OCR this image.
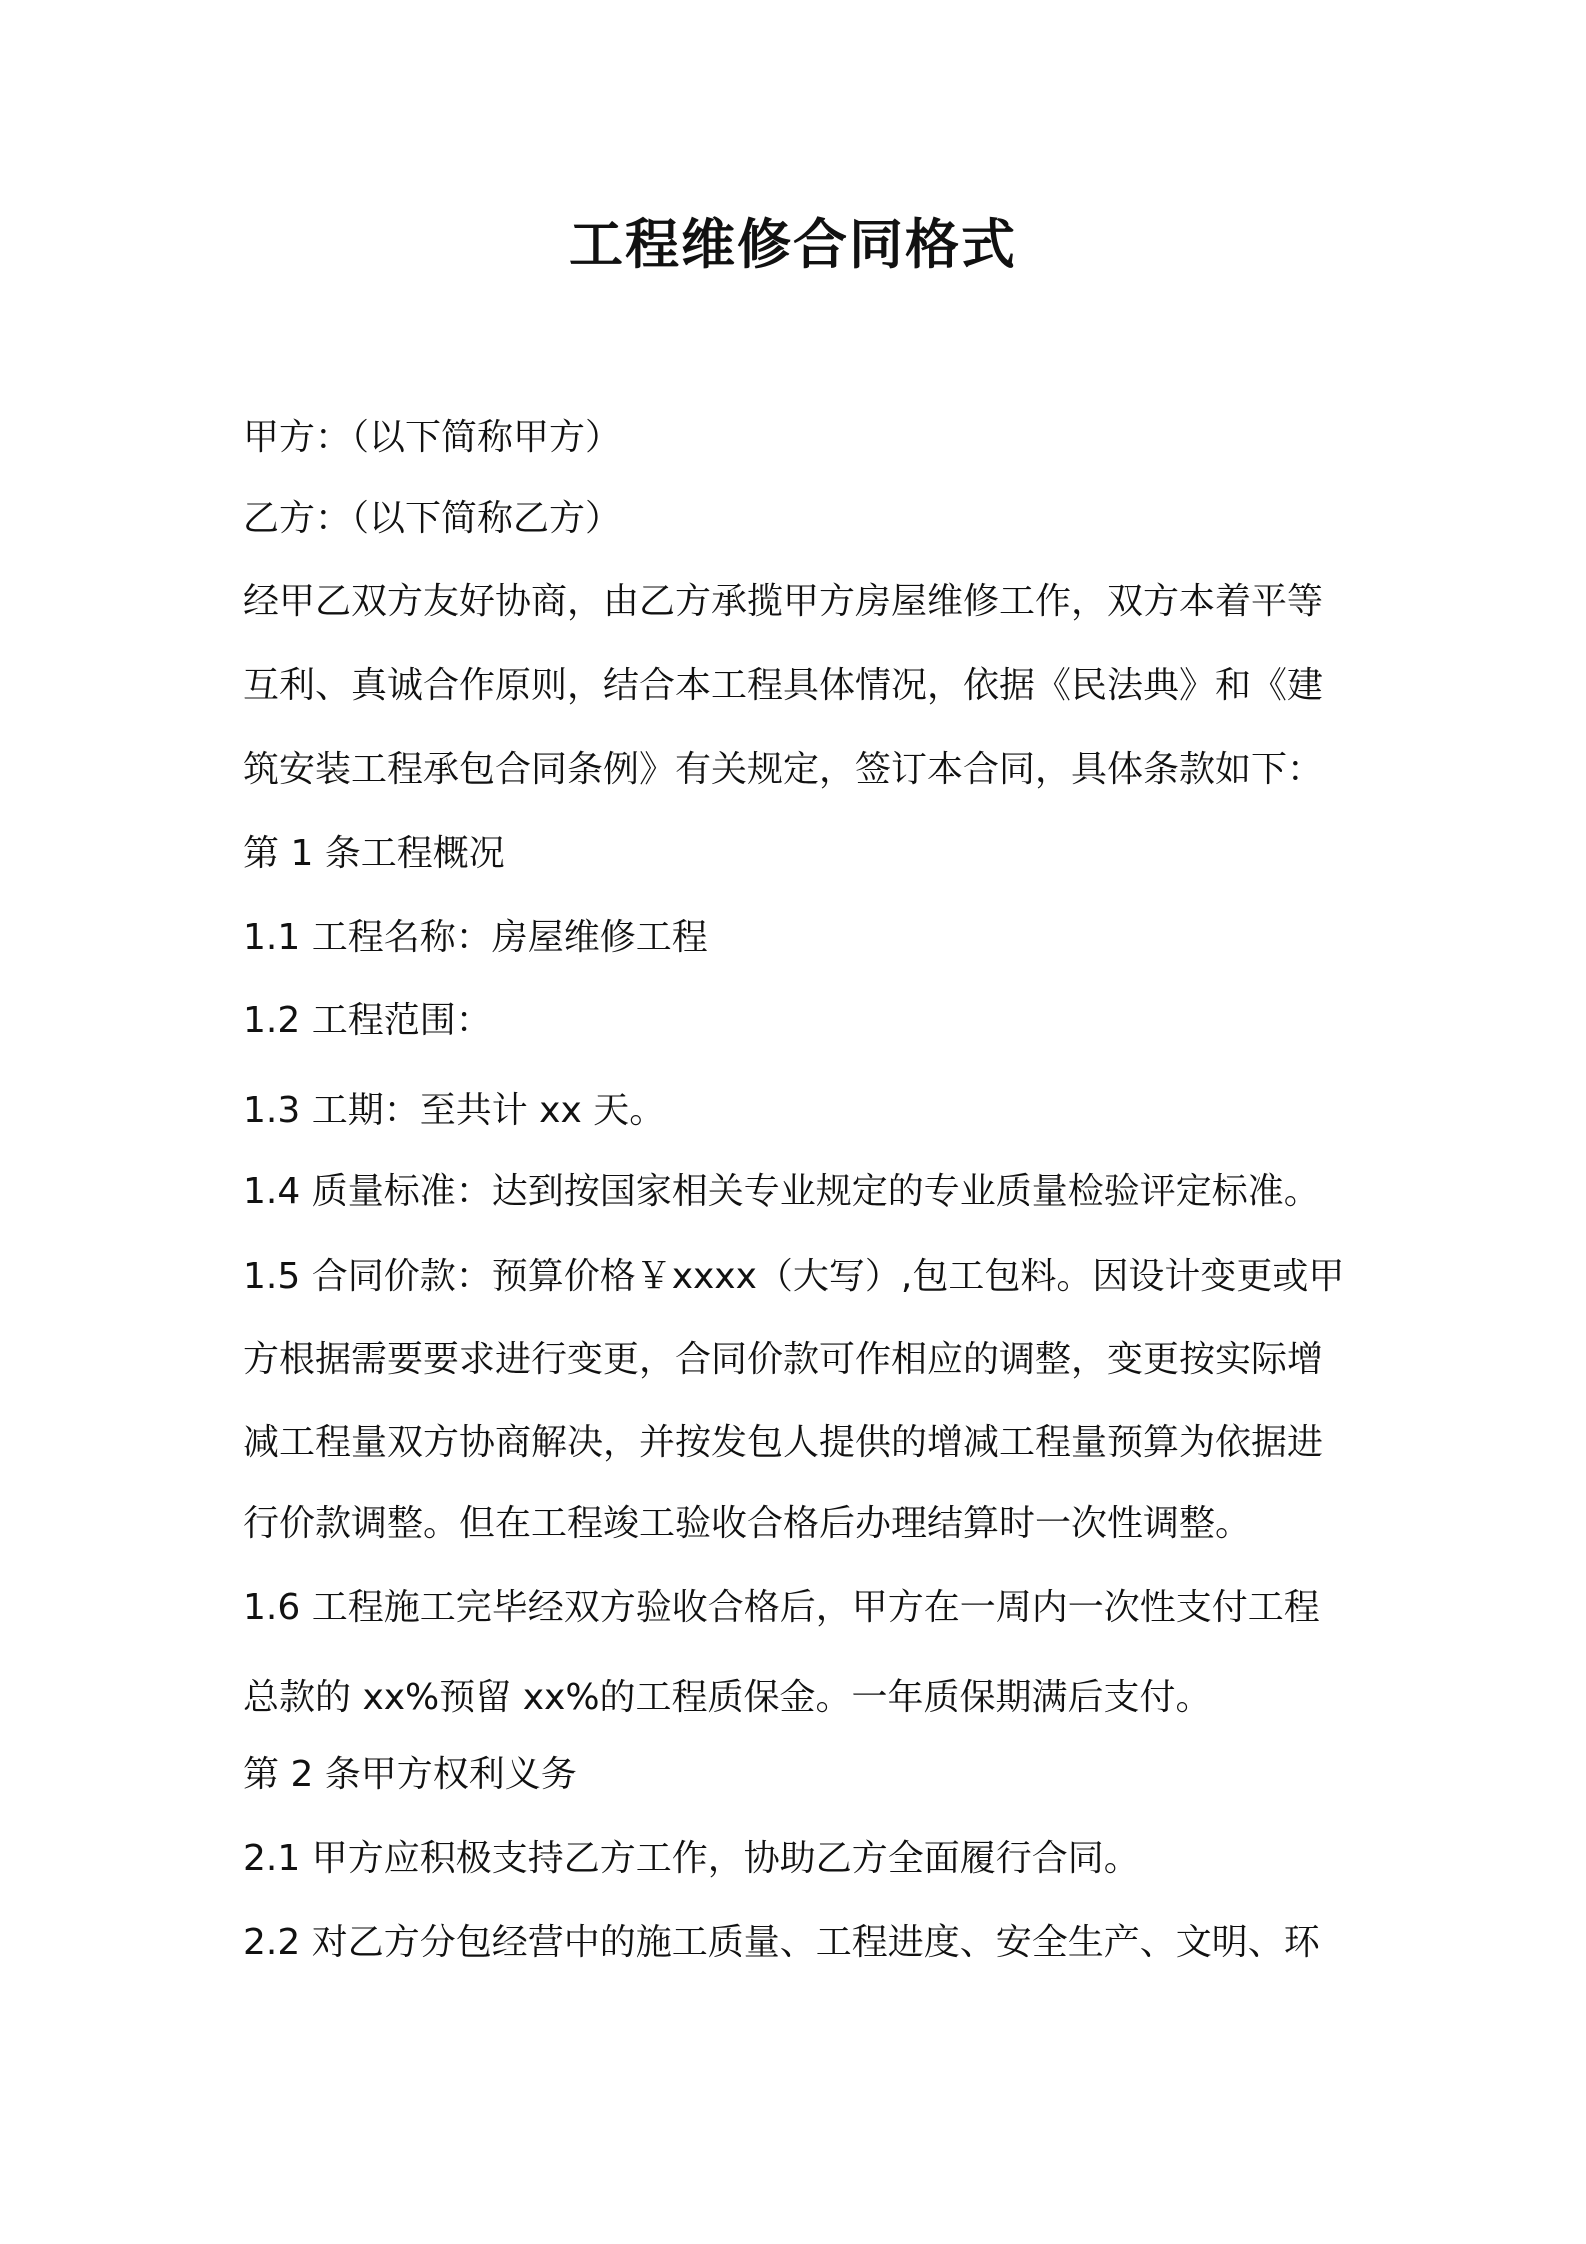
工程维修合同格式
甲方：（以下简称甲方）
乙方：（以下简称乙方）
经甲乙双方友好协商，由乙方承揽甲方房屋维修工作，双方本着平等
互利、真诚合作原则，结合本工程具体情况，依据《民法典》和《建
筑安装工程承包合同条例》有关规定，签订本合同，具体条款如下：
第 1 条工程概况
1.1 工程名称：房屋维修工程
1.2 工程范围：
1.3 工期：至共计 xx 天。
1.4 质量标准：达到按国家相关专业规定的专业质量检验评定标准。
1.5 合同价款：预算价格￥xxxx（大写）,包工包料。因设计变更或甲
方根据需要要求进行变更，合同价款可作相应的调整，变更按实际增
减工程量双方协商解决，并按发包人提供的增减工程量预算为依据进
行价款调整。但在工程竣工验收合格后办理结算时一次性调整。
1.6 工程施工完毕经双方验收合格后，甲方在一周内一次性支付工程
总款的 xx%预留 xx%的工程质保金。一年质保期满后支付。
第 2 条甲方权利义务
2.1 甲方应积极支持乙方工作，协助乙方全面履行合同。
2.2 对乙方分包经营中的施工质量、工程进度、安全生产、文明、环
